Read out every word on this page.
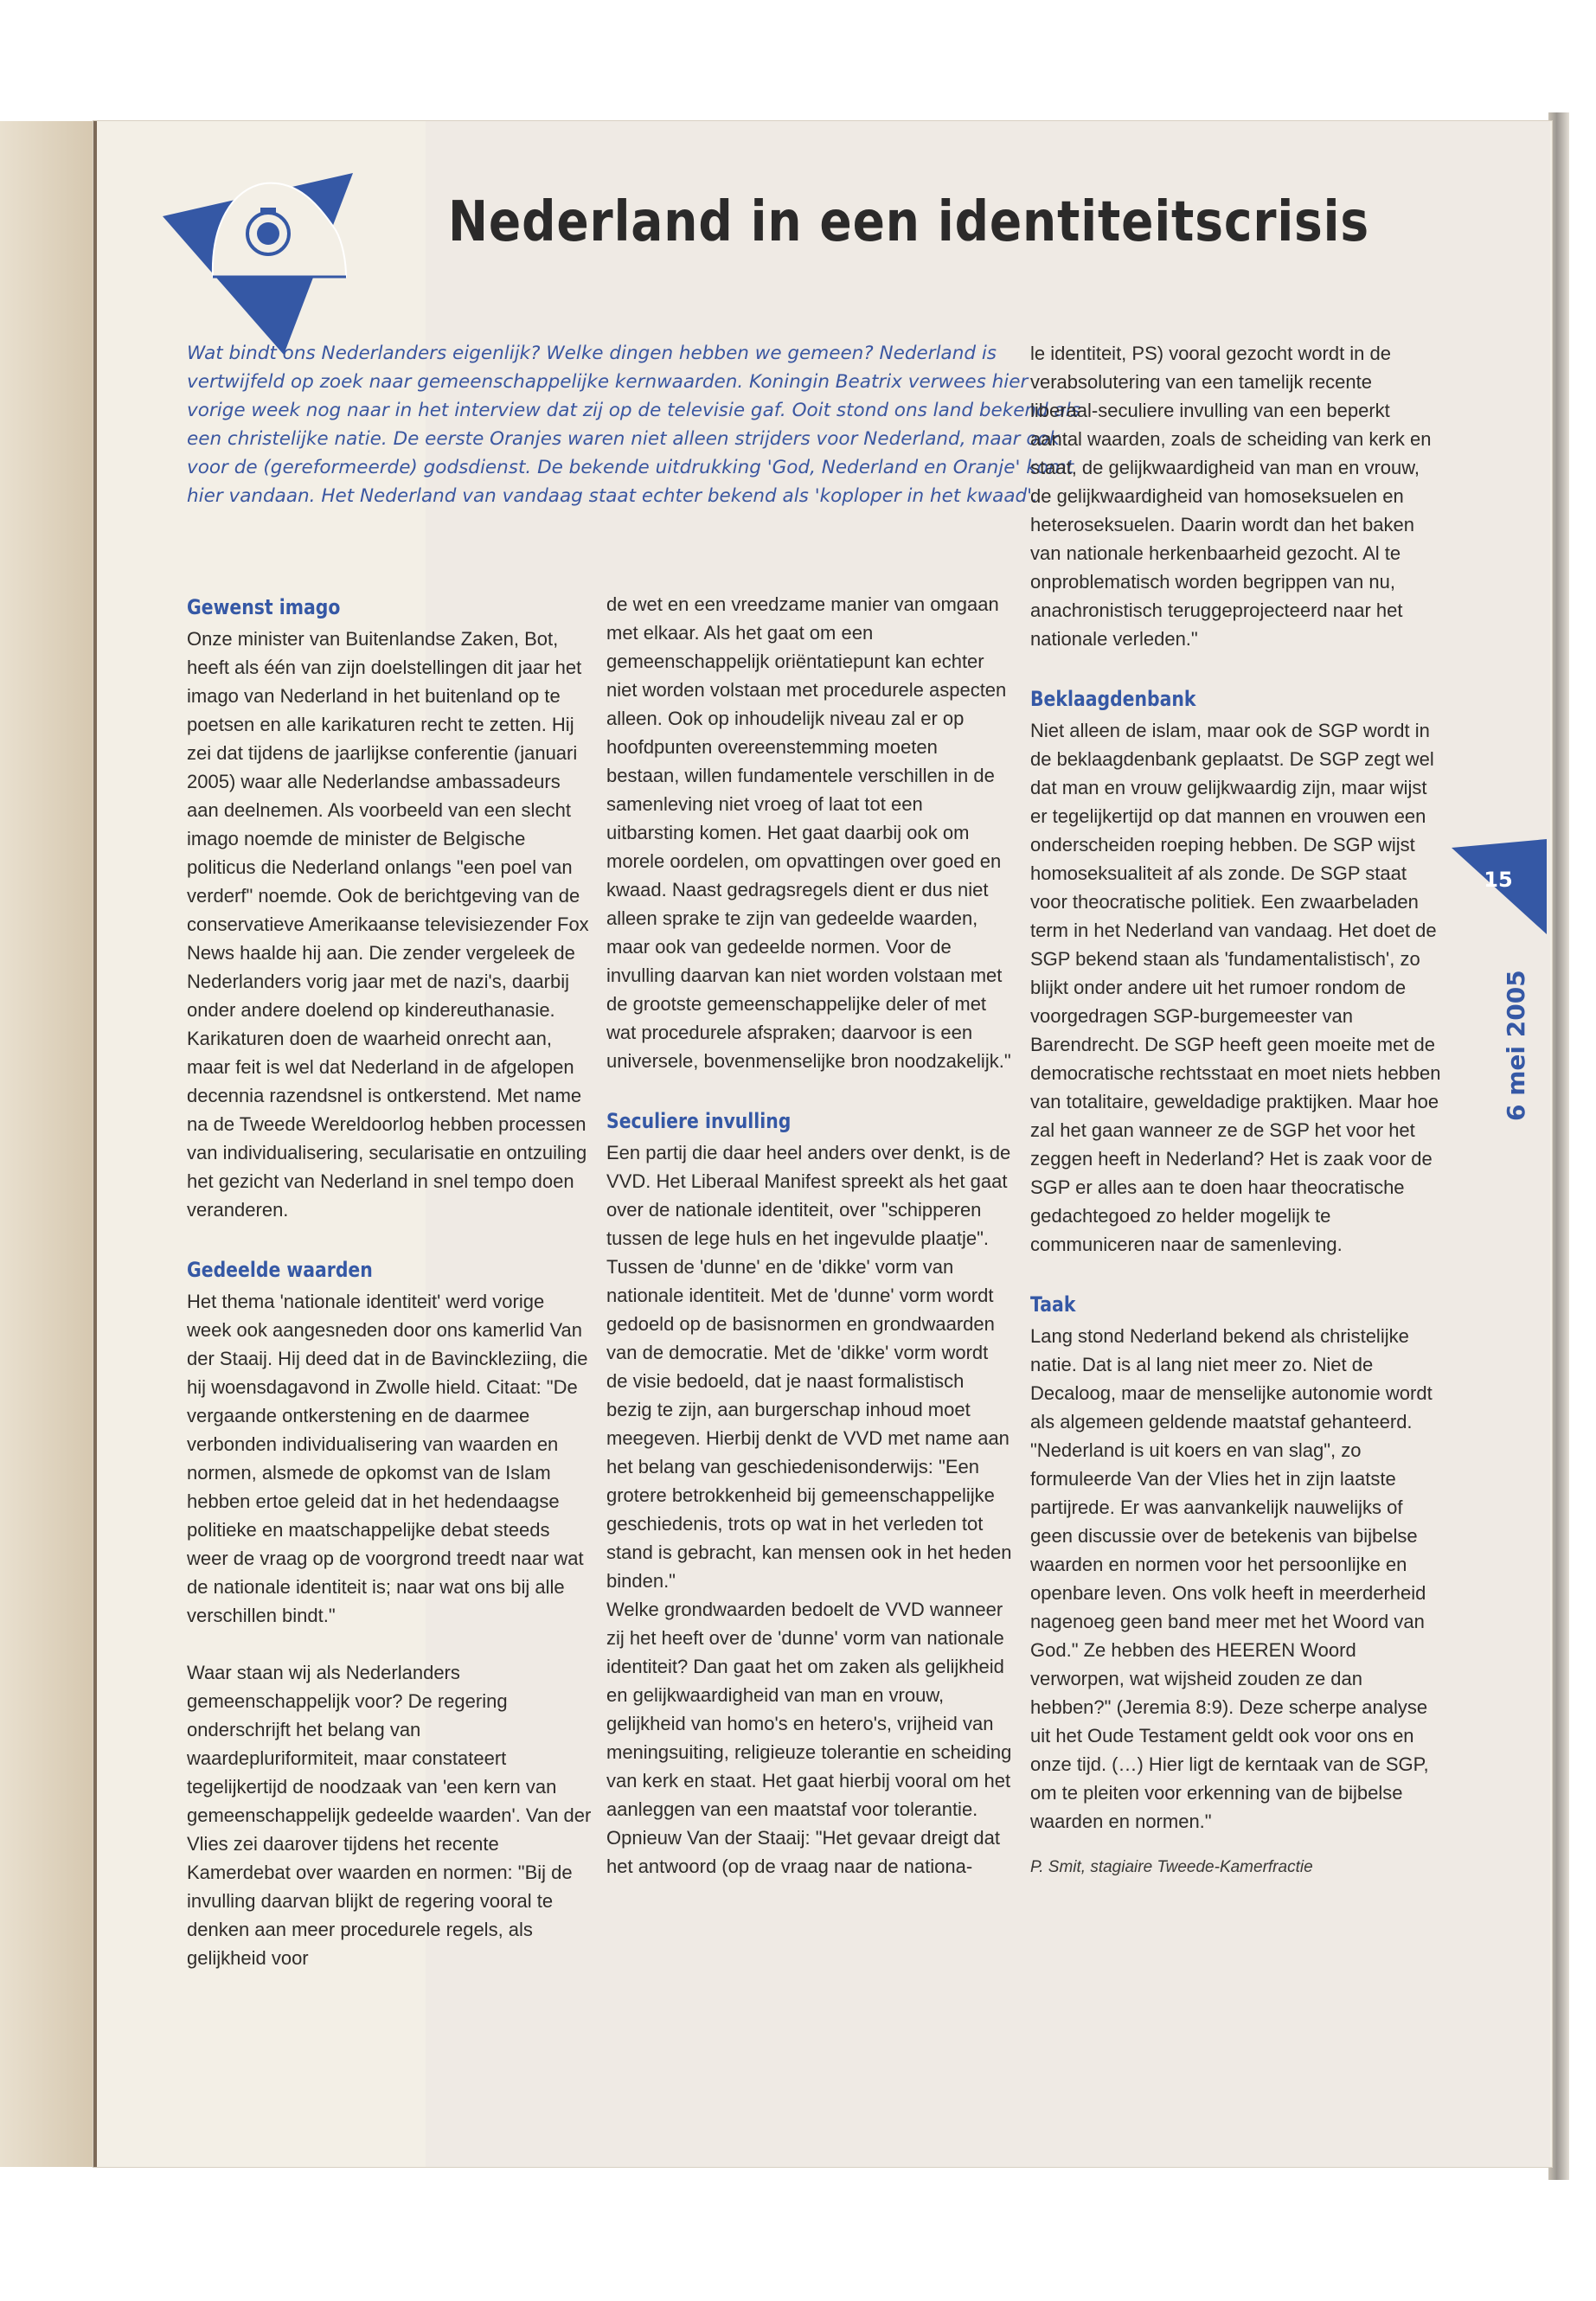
Nederland in een identiteitscrisis
Wat bindt ons Nederlanders eigenlijk? Welke dingen hebben we gemeen? Nederland is vertwijfeld op zoek naar gemeenschappelijke kernwaarden. Koningin Beatrix verwees hier vorige week nog naar in het interview dat zij op de televisie gaf. Ooit stond ons land bekend als een christelijke natie. De eerste Oranjes waren niet alleen strijders voor Nederland, maar ook voor de (gereformeerde) godsdienst. De bekende uitdrukking 'God, Nederland en Oranje' komt hier vandaan. Het Nederland van vandaag staat echter bekend als 'koploper in het kwaad'.
Gewenst imago

Onze minister van Buitenlandse Zaken, Bot, heeft als één van zijn doelstellingen dit jaar het imago van Nederland in het buitenland op te poetsen en alle karikaturen recht te zetten. Hij zei dat tijdens de jaarlijkse conferentie (januari 2005) waar alle Nederlandse ambassadeurs aan deelnemen. Als voorbeeld van een slecht imago noemde de minister de Belgische politicus die Nederland onlangs "een poel van verderf" noemde. Ook de berichtgeving van de conservatieve Amerikaanse televisiezender Fox News haalde hij aan. Die zender vergeleek de Nederlanders vorig jaar met de nazi's, daarbij onder andere doelend op kindereuthanasie.

Karikaturen doen de waarheid onrecht aan, maar feit is wel dat Nederland in de afgelopen decennia razendsnel is ontkerstend. Met name na de Tweede Wereldoorlog hebben processen van individualisering, secularisatie en ontzuiling het gezicht van Nederland in snel tempo doen veranderen.

Gedeelde waarden

Het thema 'nationale identiteit' werd vorige week ook aangesneden door ons kamerlid Van der Staaij. Hij deed dat in de Bavinckleziing, die hij woensdagavond in Zwolle hield. Citaat: "De vergaande ontkerstening en de daarmee verbonden individualisering van waarden en normen, alsmede de opkomst van de Islam hebben ertoe geleid dat in het hedendaagse politieke en maatschappelijke debat steeds weer de vraag op de voorgrond treedt naar wat de nationale identiteit is; naar wat ons bij alle verschillen bindt."

Waar staan wij als Nederlanders gemeenschappelijk voor? De regering onderschrijft het belang van waardepluriformiteit, maar constateert tegelijkertijd de noodzaak van 'een kern van gemeenschappelijk gedeelde waarden'. Van der Vlies zei daarover tijdens het recente Kamerdebat over waarden en normen: "Bij de invulling daarvan blijkt de regering vooral te denken aan meer procedurele regels, als gelijkheid voor

de wet en een vreedzame manier van omgaan met elkaar. Als het gaat om een gemeenschappelijk oriëntatiepunt kan echter niet worden volstaan met procedurele aspecten alleen. Ook op inhoudelijk niveau zal er op hoofdpunten overeenstemming moeten bestaan, willen fundamentele verschillen in de samenleving niet vroeg of laat tot een uitbarsting komen. Het gaat daarbij ook om morele oordelen, om opvattingen over goed en kwaad. Naast gedragsregels dient er dus niet alleen sprake te zijn van gedeelde waarden, maar ook van gedeelde normen. Voor de invulling daarvan kan niet worden volstaan met de grootste gemeenschappelijke deler of met wat procedurele afspraken; daarvoor is een universele, bovenmenselijke bron noodzakelijk."

Seculiere invulling

Een partij die daar heel anders over denkt, is de VVD. Het Liberaal Manifest spreekt als het gaat over de nationale identiteit, over "schipperen tussen de lege huls en het ingevulde plaatje". Tussen de 'dunne' en de 'dikke' vorm van nationale identiteit. Met de 'dunne' vorm wordt gedoeld op de basisnormen en grondwaarden van de democratie. Met de 'dikke' vorm wordt de visie bedoeld, dat je naast formalistisch bezig te zijn, aan burgerschap inhoud moet meegeven. Hierbij denkt de VVD met name aan het belang van geschiedenisonderwijs: "Een grotere betrokkenheid bij gemeenschappelijke geschiedenis, trots op wat in het verleden tot stand is gebracht, kan mensen ook in het heden binden."

Welke grondwaarden bedoelt de VVD wanneer zij het heeft over de 'dunne' vorm van nationale identiteit? Dan gaat het om zaken als gelijkheid en gelijkwaardigheid van man en vrouw, gelijkheid van homo's en hetero's, vrijheid van meningsuiting, religieuze tolerantie en scheiding van kerk en staat. Het gaat hierbij vooral om het aanleggen van een maatstaf voor tolerantie. Opnieuw Van der Staaij: "Het gevaar dreigt dat het antwoord (op de vraag naar de nationa-

le identiteit, PS) vooral gezocht wordt in de verabsolutering van een tamelijk recente liberaal-seculiere invulling van een beperkt aantal waarden, zoals de scheiding van kerk en staat, de gelijkwaardigheid van man en vrouw, de gelijkwaardigheid van homoseksuelen en heteroseksuelen. Daarin wordt dan het baken van nationale herkenbaarheid gezocht. Al te onproblematisch worden begrippen van nu, anachronistisch teruggeprojecteerd naar het nationale verleden."

Beklaagdenbank

Niet alleen de islam, maar ook de SGP wordt in de beklaagdenbank geplaatst. De SGP zegt wel dat man en vrouw gelijkwaardig zijn, maar wijst er tegelijkertijd op dat mannen en vrouwen een onderscheiden roeping hebben. De SGP wijst homoseksualiteit af als zonde. De SGP staat voor theocratische politiek. Een zwaarbeladen term in het Nederland van vandaag. Het doet de SGP bekend staan als 'fundamentalistisch', zo blijkt onder andere uit het rumoer rondom de voorgedragen SGP-burgemeester van Barendrecht. De SGP heeft geen moeite met de democratische rechtsstaat en moet niets hebben van totalitaire, geweldadige praktijken. Maar hoe zal het gaan wanneer ze de SGP het voor het zeggen heeft in Nederland? Het is zaak voor de SGP er alles aan te doen haar theocratische gedachtegoed zo helder mogelijk te communiceren naar de samenleving.

Taak

Lang stond Nederland bekend als christelijke natie. Dat is al lang niet meer zo. Niet de Decaloog, maar de menselijke autonomie wordt als algemeen geldende maatstaf gehanteerd. "Nederland is uit koers en van slag", zo formuleerde Van der Vlies het in zijn laatste partijrede. Er was aanvankelijk nauwelijks of geen discussie over de betekenis van bijbelse waarden en normen voor het persoonlijke en openbare leven. Ons volk heeft in meerderheid nagenoeg geen band meer met het Woord van God." Ze hebben des HEEREN Woord verworpen, wat wijsheid zouden ze dan hebben?" (Jeremia 8:9). Deze scherpe analyse uit het Oude Testament geldt ook voor ons en onze tijd. (…) Hier ligt de kerntaak van de SGP, om te pleiten voor erkenning van de bijbelse waarden en normen."

P. Smit, stagiaire Tweede-Kamerfractie

15
6 mei 2005
